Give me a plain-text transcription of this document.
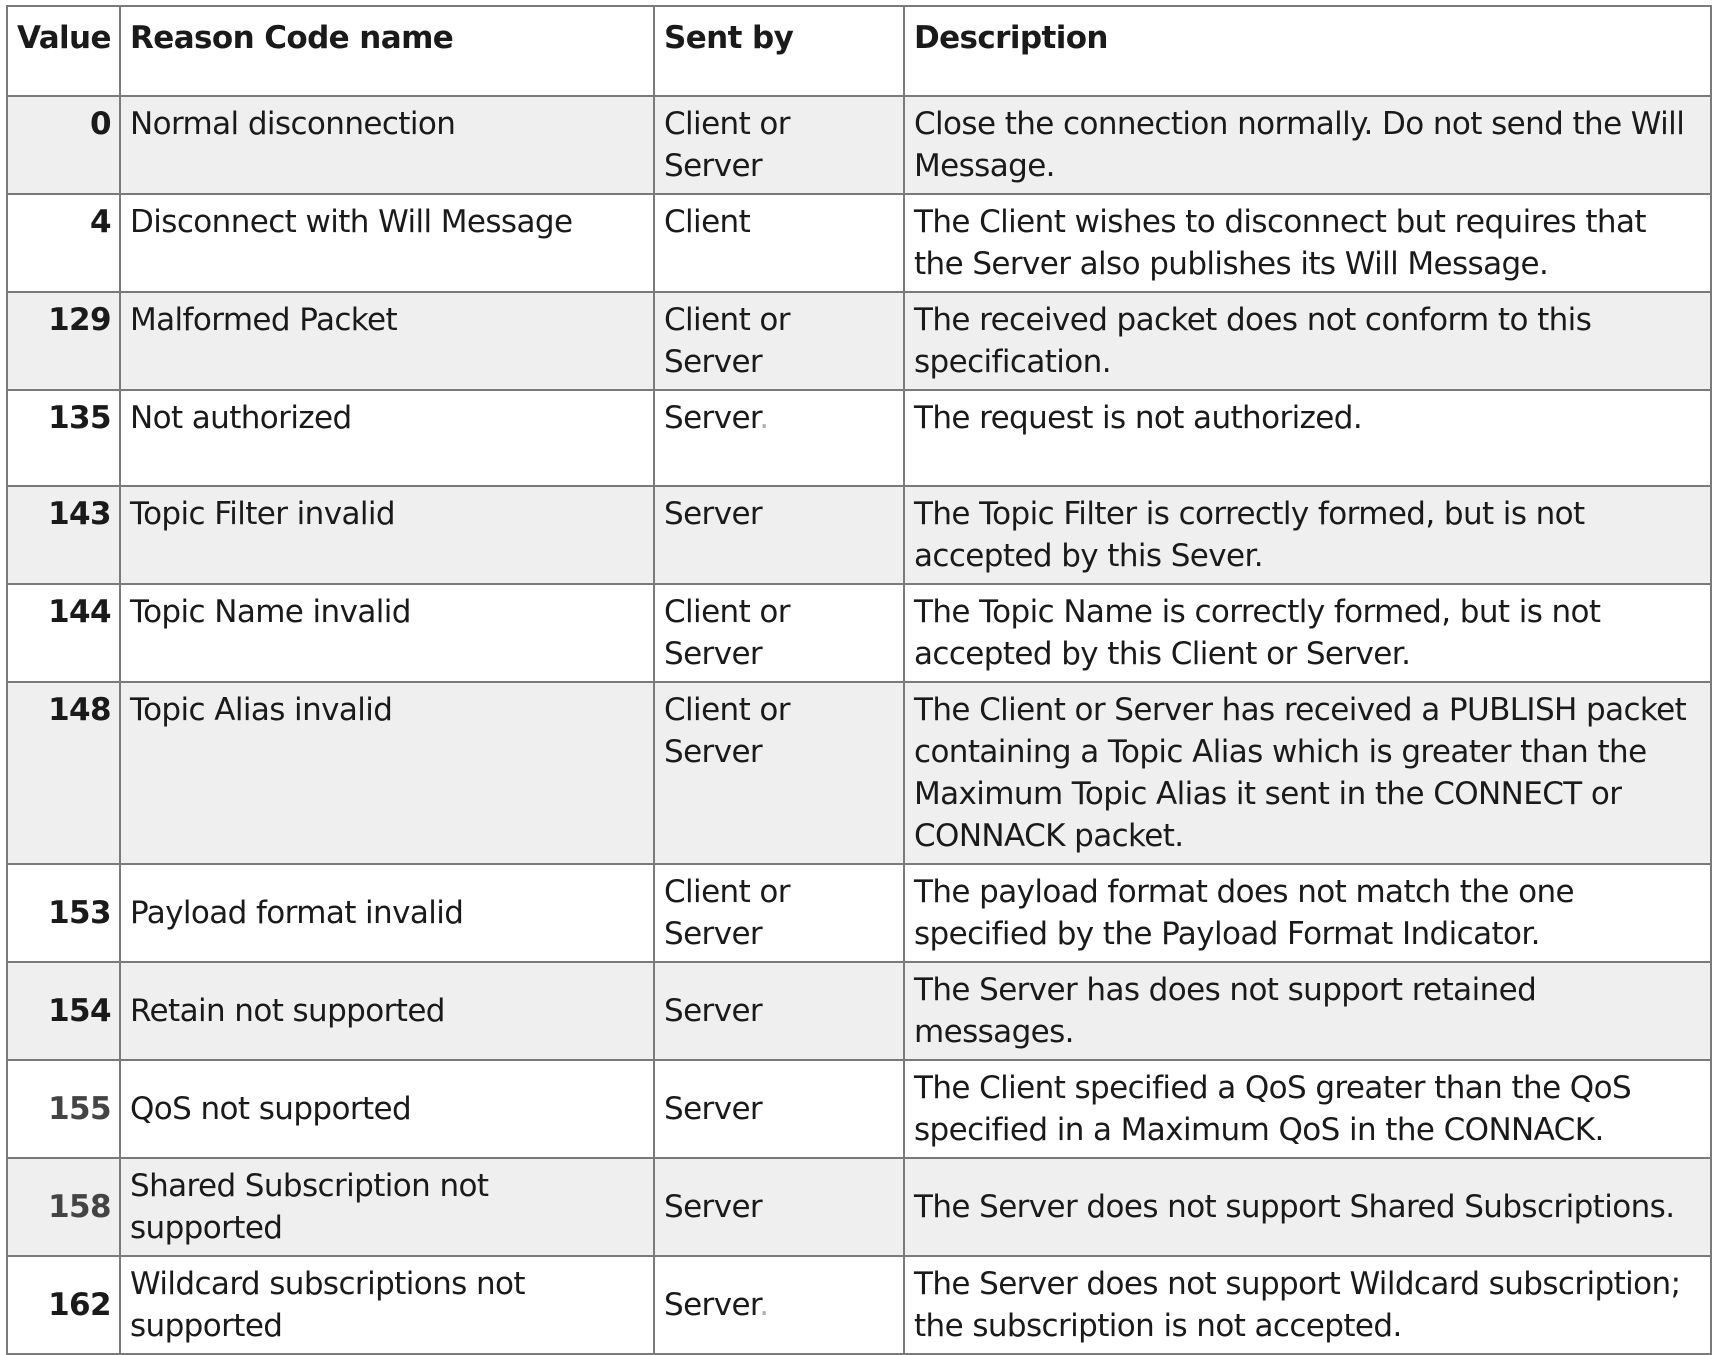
Value	Reason Code name	Sent by	Description
0	Normal disconnection	Client or Server	Close the connection normally. Do not send the Will Message.
4	Disconnect with Will Message	Client	The Client wishes to disconnect but requires that the Server also publishes its Will Message.
129	Malformed Packet	Client or Server	The received packet does not conform to this specification.
135	Not authorized	Server.	The request is not authorized.
143	Topic Filter invalid	Server	The Topic Filter is correctly formed, but is not accepted by this Sever.
144	Topic Name invalid	Client or Server	The Topic Name is correctly formed, but is not accepted by this Client or Server.
148	Topic Alias invalid	Client or Server	The Client or Server has received a PUBLISH packet containing a Topic Alias which is greater than the Maximum Topic Alias it sent in the CONNECT or CONNACK packet.
153	Payload format invalid	Client or Server	The payload format does not match the one specified by the Payload Format Indicator.
154	Retain not supported	Server	The Server has does not support retained messages.
155	QoS not supported	Server	The Client specified a QoS greater than the QoS specified in a Maximum QoS in the CONNACK.
158	Shared Subscription not supported	Server	The Server does not support Shared Subscriptions.
162	Wildcard subscriptions not supported	Server.	The Server does not support Wildcard subscription; the subscription is not accepted.
